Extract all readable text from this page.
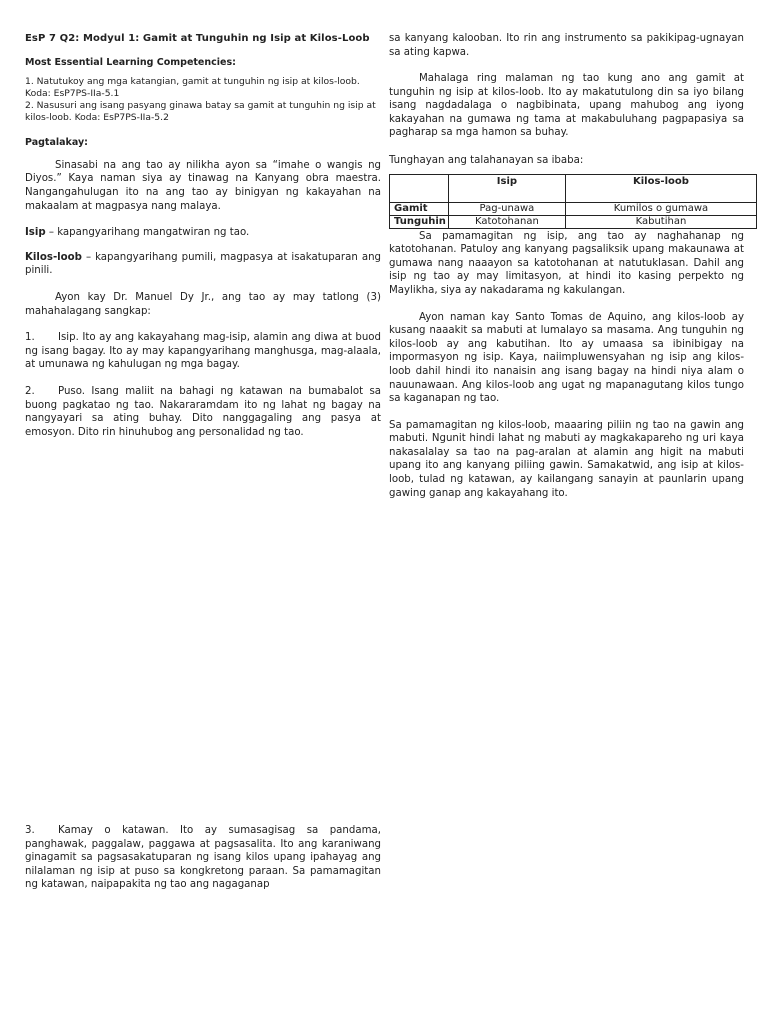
EsP 7 Q2: Modyul 1: Gamit at Tunguhin ng Isip at Kilos-Loob

Most Essential Learning Competencies:

1. Natutukoy ang mga katangian, gamit at tunguhin ng isip at kilos-loob. Koda: EsP7PS-IIa-5.1

2. Nasusuri ang isang pasyang ginawa batay sa gamit at tunguhin ng isip at kilos-loob. Koda: EsP7PS-IIa-5.2

Pagtalakay:

Sinasabi na ang tao ay nilikha ayon sa “imahe o wangis ng Diyos.” Kaya naman siya ay tinawag na Kanyang obra maestra. Nangangahulugan ito na ang tao ay binigyan ng kakayahan na makaalam at magpasya nang malaya.

Isip – kapangyarihang mangatwiran ng tao.

Kilos-loob – kapangyarihang pumili, magpasya at isakatuparan ang pinili.

Ayon kay Dr. Manuel Dy Jr., ang tao ay may tatlong (3) mahahalagang sangkap:

1. Isip. Ito ay ang kakayahang mag-isip, alamin ang diwa at buod ng isang bagay. Ito ay may kapangyarihang manghusga, mag-alaala, at umunawa ng kahulugan ng mga bagay.

2. Puso. Isang maliit na bahagi ng katawan na bumabalot sa buong pagkatao ng tao. Nakararamdam ito ng lahat ng bagay na nangyayari sa ating buhay. Dito nanggagaling ang pasya at emosyon. Dito rin hinuhubog ang personalidad ng tao.

3. Kamay o katawan. Ito ay sumasagisag sa pandama, panghawak, paggalaw, paggawa at pagsasalita. Ito ang karaniwang ginagamit sa pagsasakatuparan ng isang kilos upang ipahayag ang nilalaman ng isip at puso sa kongkretong paraan. Sa pamamagitan ng katawan, naipapakita ng tao ang nagaganap

sa kanyang kalooban. Ito rin ang instrumento sa pakikipag-ugnayan sa ating kapwa.

Mahalaga ring malaman ng tao kung ano ang gamit at tunguhin ng isip at kilos-loob. Ito ay makatutulong din sa iyo bilang isang nagdadalaga o nagbibinata, upang mahubog ang iyong kakayahan na gumawa ng tama at makabuluhang pagpapasiya sa pagharap sa mga hamon sa buhay.

Tunghayan ang talahanayan sa ibaba:

	Isip	Kilos-loob
Gamit	Pag-unawa	Kumilos o gumawa
Tunguhin	Katotohanan	Kabutihan

Sa pamamagitan ng isip, ang tao ay naghahanap ng katotohanan. Patuloy ang kanyang pagsaliksik upang makaunawa at gumawa nang naaayon sa katotohanan at natutuklasan. Dahil ang isip ng tao ay may limitasyon, at hindi ito kasing perpekto ng Maylikha, siya ay nakadarama ng kakulangan.

Ayon naman kay Santo Tomas de Aquino, ang kilos-loob ay kusang naaakit sa mabuti at lumalayo sa masama. Ang tunguhin ng kilos-loob ay ang kabutihan. Ito ay umaasa sa ibinibigay na impormasyon ng isip. Kaya, naiimpluwensyahan ng isip ang kilos-loob dahil hindi ito nanaisin ang isang bagay na hindi niya alam o nauunawaan. Ang kilos-loob ang ugat ng mapanagutang kilos tungo sa kaganapan ng tao.

Sa pamamagitan ng kilos-loob, maaaring piliin ng tao na gawin ang mabuti. Ngunit hindi lahat ng mabuti ay magkakapareho ng uri kaya nakasalalay sa tao na pag-aralan at alamin ang higit na mabuti upang ito ang kanyang piliing gawin. Samakatwid, ang isip at kilos-loob, tulad ng katawan, ay kailangang sanayin at paunlarin upang gawing ganap ang kakayahang ito.
